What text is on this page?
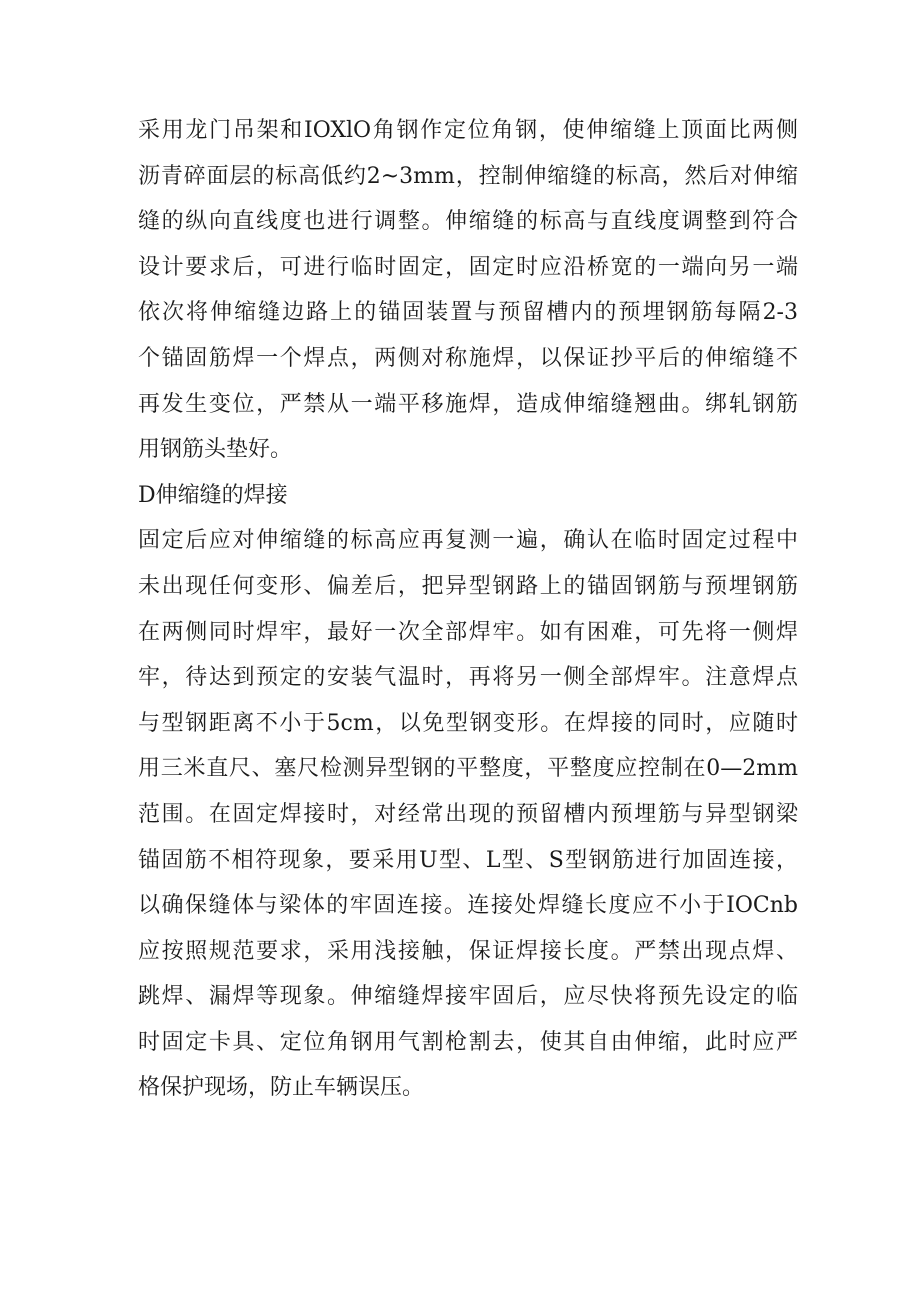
采用龙门吊架和IOXlO角钢作定位角钢，使伸缩缝上顶面比两侧
沥青碎面层的标高低约2~3mm，控制伸缩缝的标高，然后对伸缩
缝的纵向直线度也进行调整。伸缩缝的标高与直线度调整到符合
设计要求后，可进行临时固定，固定时应沿桥宽的一端向另一端
依次将伸缩缝边路上的锚固装置与预留槽内的预埋钢筋每隔2-3
个锚固筋焊一个焊点，两侧对称施焊，以保证抄平后的伸缩缝不
再发生变位，严禁从一端平移施焊，造成伸缩缝翘曲。绑轧钢筋
用钢筋头垫好。
D伸缩缝的焊接
固定后应对伸缩缝的标高应再复测一遍，确认在临时固定过程中
未出现任何变形、偏差后，把异型钢路上的锚固钢筋与预埋钢筋
在两侧同时焊牢，最好一次全部焊牢。如有困难，可先将一侧焊
牢，待达到预定的安装气温时，再将另一侧全部焊牢。注意焊点
与型钢距离不小于5cm，以免型钢变形。在焊接的同时，应随时
用三米直尺、塞尺检测异型钢的平整度，平整度应控制在0—2mm
范围。在固定焊接时，对经常出现的预留槽内预埋筋与异型钢梁
锚固筋不相符现象，要采用U型、L型、S型钢筋进行加固连接，
以确保缝体与梁体的牢固连接。连接处焊缝长度应不小于IOCnb
应按照规范要求，采用浅接触，保证焊接长度。严禁出现点焊、
跳焊、漏焊等现象。伸缩缝焊接牢固后，应尽快将预先设定的临
时固定卡具、定位角钢用气割枪割去，使其自由伸缩，此时应严
格保护现场，防止车辆误压。
